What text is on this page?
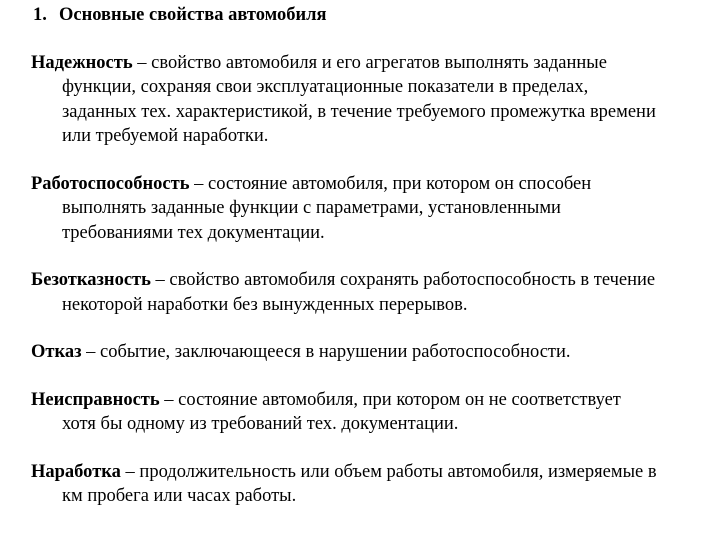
1. Основные свойства автомобиля
Надежность – свойство автомобиля и его агрегатов выполнять заданные
функции, сохраняя свои эксплуатационные показатели в пределах,
заданных тех. характеристикой, в течение требуемого промежутка времени
или требуемой наработки.
Работоспособность – состояние автомобиля, при котором он способен
выполнять заданные функции с параметрами, установленными
требованиями тех документации.
Безотказность – свойство автомобиля сохранять работоспособность в течение
некоторой наработки без вынужденных перерывов.
Отказ – событие, заключающееся в нарушении работоспособности.
Неисправность – состояние автомобиля, при котором он не соответствует
хотя бы одному из требований тех. документации.
Наработка – продолжительность или объем работы автомобиля, измеряемые в
км пробега или часах работы.
